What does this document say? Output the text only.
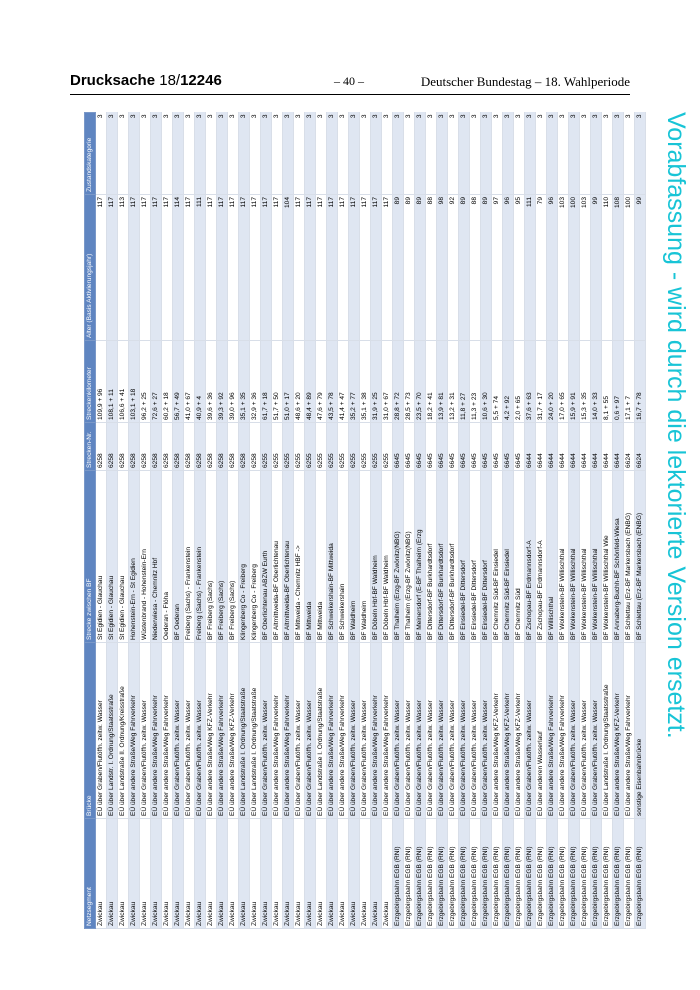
Drucksache 18/12246	– 40 –	Deutscher Bundestag – 18. Wahlperiode
Netzsegment	Brücke	Strecke zwischen BF	Strecken-Nr.	Streckenkilometer	Alter (Basis Aktivierungsjahr)	Zustandskategorie
Zwickau	EÜ über Graben/Flutöffn. zeitw. Wasser	St Egidien - Glauchau	6258	109,9 + 96	117	3
Zwickau	EÜ über Landstr. I. Ordnung/Staatsstraße	St Egidien - Glauchau	6258	108,1 + 11	117	3
Zwickau	EÜ über Landstraße II. Ordnung/Kreisstraße	St Egidien - Glauchau	6258	106,6 + 41	113	3
Zwickau	EÜ über andere Straße/Weg Fahrverkehr	Hohenstein-Ern - St Egidien	6258	103,1 + 18	117	3
Zwickau	EÜ über Graben/Flutöffn. zeitw. Wasser	Wüstenbrand - Hohenstein-Ern	6258	96,2 + 25	117	3
Zwickau	EÜ über andere Straße/Weg Fahrverkehr	Niederwiesa - Chemnitz Hbf	6258	72,6 + 27	117	3
Zwickau	EÜ über andere Straße/Weg Fahrverkehr	Oederan - Flöha	6258	60,2 + 18	117	3
Zwickau	EÜ über Graben/Flutöffn. zeitw. Wasser	BF Oederan	6258	56,7 + 49	114	3
Zwickau	EÜ über Graben/Flutöffn. zeitw. Wasser	Freiberg (Sachs) - Frankenstein	6258	41,0 + 67	117	3
Zwickau	EÜ über Graben/Flutöffn. zeitw. Wasser	Freiberg (Sachs) - Frankenstein	6258	40,9 + 4	111	3
Zwickau	EÜ über andere Straße/Weg KFZ-Verkehr	BF Freiberg (Sachs)	6258	39,6 + 36	117	3
Zwickau	EÜ über andere Straße/Weg Fahrverkehr	BF Freiberg (Sachs)	6258	39,3 + 92	117	3
Zwickau	EÜ über andere Straße/Weg KFZ-Verkehr	BF Freiberg (Sachs)	6258	39,0 + 96	117	3
Zwickau	EÜ über Landstraße I. Ordnung/Staatstraße	Klingenberg Co - Freiberg	6258	35,1 + 35	117	3
Zwickau	EÜ über Landstraße I. Ordnung/Staatstraße	Klingenberg Co - Freiberg	6258	32,9 + 36	117	3
Zwickau	EÜ über Graben/Flutöffn. zeitw. Wasser	BF Oberlichtenau ABZW Eurth	6255	61,7 + 18	117	3
Zwickau	EÜ über andere Straße/Weg Fahrverkehr	BF Altmittweida-BF Oberlichtenau	6255	51,7 + 50	117	3
Zwickau	EÜ über andere Straße/Weg Fahrverkehr	BF Altmittweida-BF Oberlichtenau	6255	51,0 + 17	104	3
Zwickau	EÜ über Graben/Flutöffn. zeitw. Wasser	BF Mittweida - Chemnitz HBF ->	6255	48,6 + 20	117	3
Zwickau	EÜ über Graben/Flutöffn. zeitw. Wasser	BF Mittweida	6255	48,4 + 89	117	3
Zwickau	EÜ über Landstraße I. Ordnung/Staatstraße	BF Mittweida	6255	47,6 + 79	117	3
Zwickau	EÜ über andere Straße/Weg Fahrverkehr	BF Schweikershain-BF Mittweida	6255	43,5 + 78	117	3
Zwickau	EÜ über andere Straße/Weg Fahrverkehr	BF Schweikershain	6255	41,4 + 47	117	3
Zwickau	EÜ über Graben/Flutöffn. zeitw. Wasser	BF Waldheim	6255	35,2 + 77	117	3
Zwickau	EÜ über Graben/Flutöffn. zeitw. Wasser	BF Waldheim	6255	35,1 + 38	117	3
Zwickau	EÜ über andere Straße/Weg Fahrverkehr	BF Döbeln Hbf-BF Waldheim	6255	31,9 + 25	117	3
Zwickau	EÜ über andere Straße/Weg Fahrverkehr	BF Döbeln Hbf-BF Waldheim	6255	31,0 + 67	117	3
Erzgebirgsbahn EGB (RNI)	EÜ über Graben/Flutöffn. zeitw. Wasser	BF Thalheim (Erzg-BF Zwönitz(NBG)	6645	28,8 + 72	89	3
Erzgebirgsbahn EGB (RNI)	EÜ über Graben/Flutöffn. zeitw. Wasser	BF Thalheim (Erzg-BF Zwönitz(NBG)	6645	28,5 + 73	89	3
Erzgebirgsbahn EGB (RNI)	EÜ über Graben/Flutöffn. zeitw. Wasser	BF Meinersdorf (E-BF Thalheim (Erzg	6645	23,5 + 70	89	3
Erzgebirgsbahn EGB (RNI)	EÜ über Graben/Flutöffn. zeitw. Wasser	BF Dittersdorf-BF Burkhardtsdorf	6645	18,2 + 41	88	3
Erzgebirgsbahn EGB (RNI)	EÜ über Graben/Flutöffn. zeitw. Wasser	BF Dittersdorf-BF Burkhardtsdorf	6645	13,9 + 81	98	3
Erzgebirgsbahn EGB (RNI)	EÜ über Graben/Flutöffn. zeitw. Wasser	BF Dittersdorf-BF Burkhardtsdorf	6645	13,2 + 31	92	3
Erzgebirgsbahn EGB (RNI)	EÜ über Graben/Flutöffn. zeitw. Wasser	BF Einsiedel-BF Dittersdorf	6645	11,8 + 27	89	3
Erzgebirgsbahn EGB (RNI)	EÜ über Graben/Flutöffn. zeitw. Wasser	BF Einsiedel-BF Dittersdorf	6645	11,3 + 23	88	3
Erzgebirgsbahn EGB (RNI)	EÜ über Graben/Flutöffn. zeitw. Wasser	BF Einsiedel-BF Dittersdorf	6645	10,6 + 30	89	3
Erzgebirgsbahn EGB (RNI)	EÜ über andere Straße/Weg KFZ-Verkehr	BF Chemnitz Süd-BF Einsiedel	6645	5,5 + 74	97	3
Erzgebirgsbahn EGB (RNI)	EÜ über andere Straße/Weg KFZ-Verkehr	BF Chemnitz Süd-BF Einsiedel	6645	4,2 + 92	96	3
Erzgebirgsbahn EGB (RNI)	EÜ über andere Straße/Weg KFZ-Verkehr	BF Chemnitz Süd	6645	2,0 + 65	95	3
Erzgebirgsbahn EGB (RNI)	EÜ über Graben/Flutöffn. zeitw. Wasser	BF Zschopau-BF Erdmannsdorf-A	6644	37,6 + 63	111	3
Erzgebirgsbahn EGB (RNI)	EÜ über anderen Wasserlauf	BF Zschopau-BF Erdmannsdorf-A	6644	31,7 + 17	79	3
Erzgebirgsbahn EGB (RNI)	EÜ über andere Straße/Weg Fahrverkehr	BF Willischthal	6644	24,0 + 20	96	3
Erzgebirgsbahn EGB (RNI)	EÜ über andere Straße/Weg Fahrverkehr	BF Wolkenstein-BF Willischthal	6644	17,0 + 65	103	3
Erzgebirgsbahn EGB (RNI)	EÜ über Graben/Flutöffn. zeitw. Wasser	BF Wolkenstein-BF Willischthal	6644	15,9 + 91	100	3
Erzgebirgsbahn EGB (RNI)	EÜ über Graben/Flutöffn. zeitw. Wasser	BF Wolkenstein-BF Willischthal	6644	15,3 + 35	103	3
Erzgebirgsbahn EGB (RNI)	EÜ über Graben/Flutöffn. zeitw. Wasser	BF Wolkenstein-BF Willischthal	6644	14,0 + 33	99	3
Erzgebirgsbahn EGB (RNI)	EÜ über Landstraße I. Ordnung/Staatsstraße	BF Wolkenstein-BF Willischthal Wie	6644	8,1 + 55	110	3
Erzgebirgsbahn EGB (RNI)	EÜ über andere Straße/Weg KFZ-Verkehr	BF Annaberg-Buchh-BF Schönfeld-Wiesa	6644	0,6 + 97	108	3
Erzgebirgsbahn EGB (RNI)	EÜ über andere Straße/Weg Fahrverkehr	BF Schlettau (Erz-BF Markersbach (ENBG)	6624	17,1 + 7	100	3
Erzgebirgsbahn EGB (RNI)	sonstige Eisenbahnbrücke	BF Schlettau (Erz-BF Markersbach (ENBG)	6624	16,7 + 78	99	3 Vorabfassung - wird durch die lektorierte Version ersetzt.
